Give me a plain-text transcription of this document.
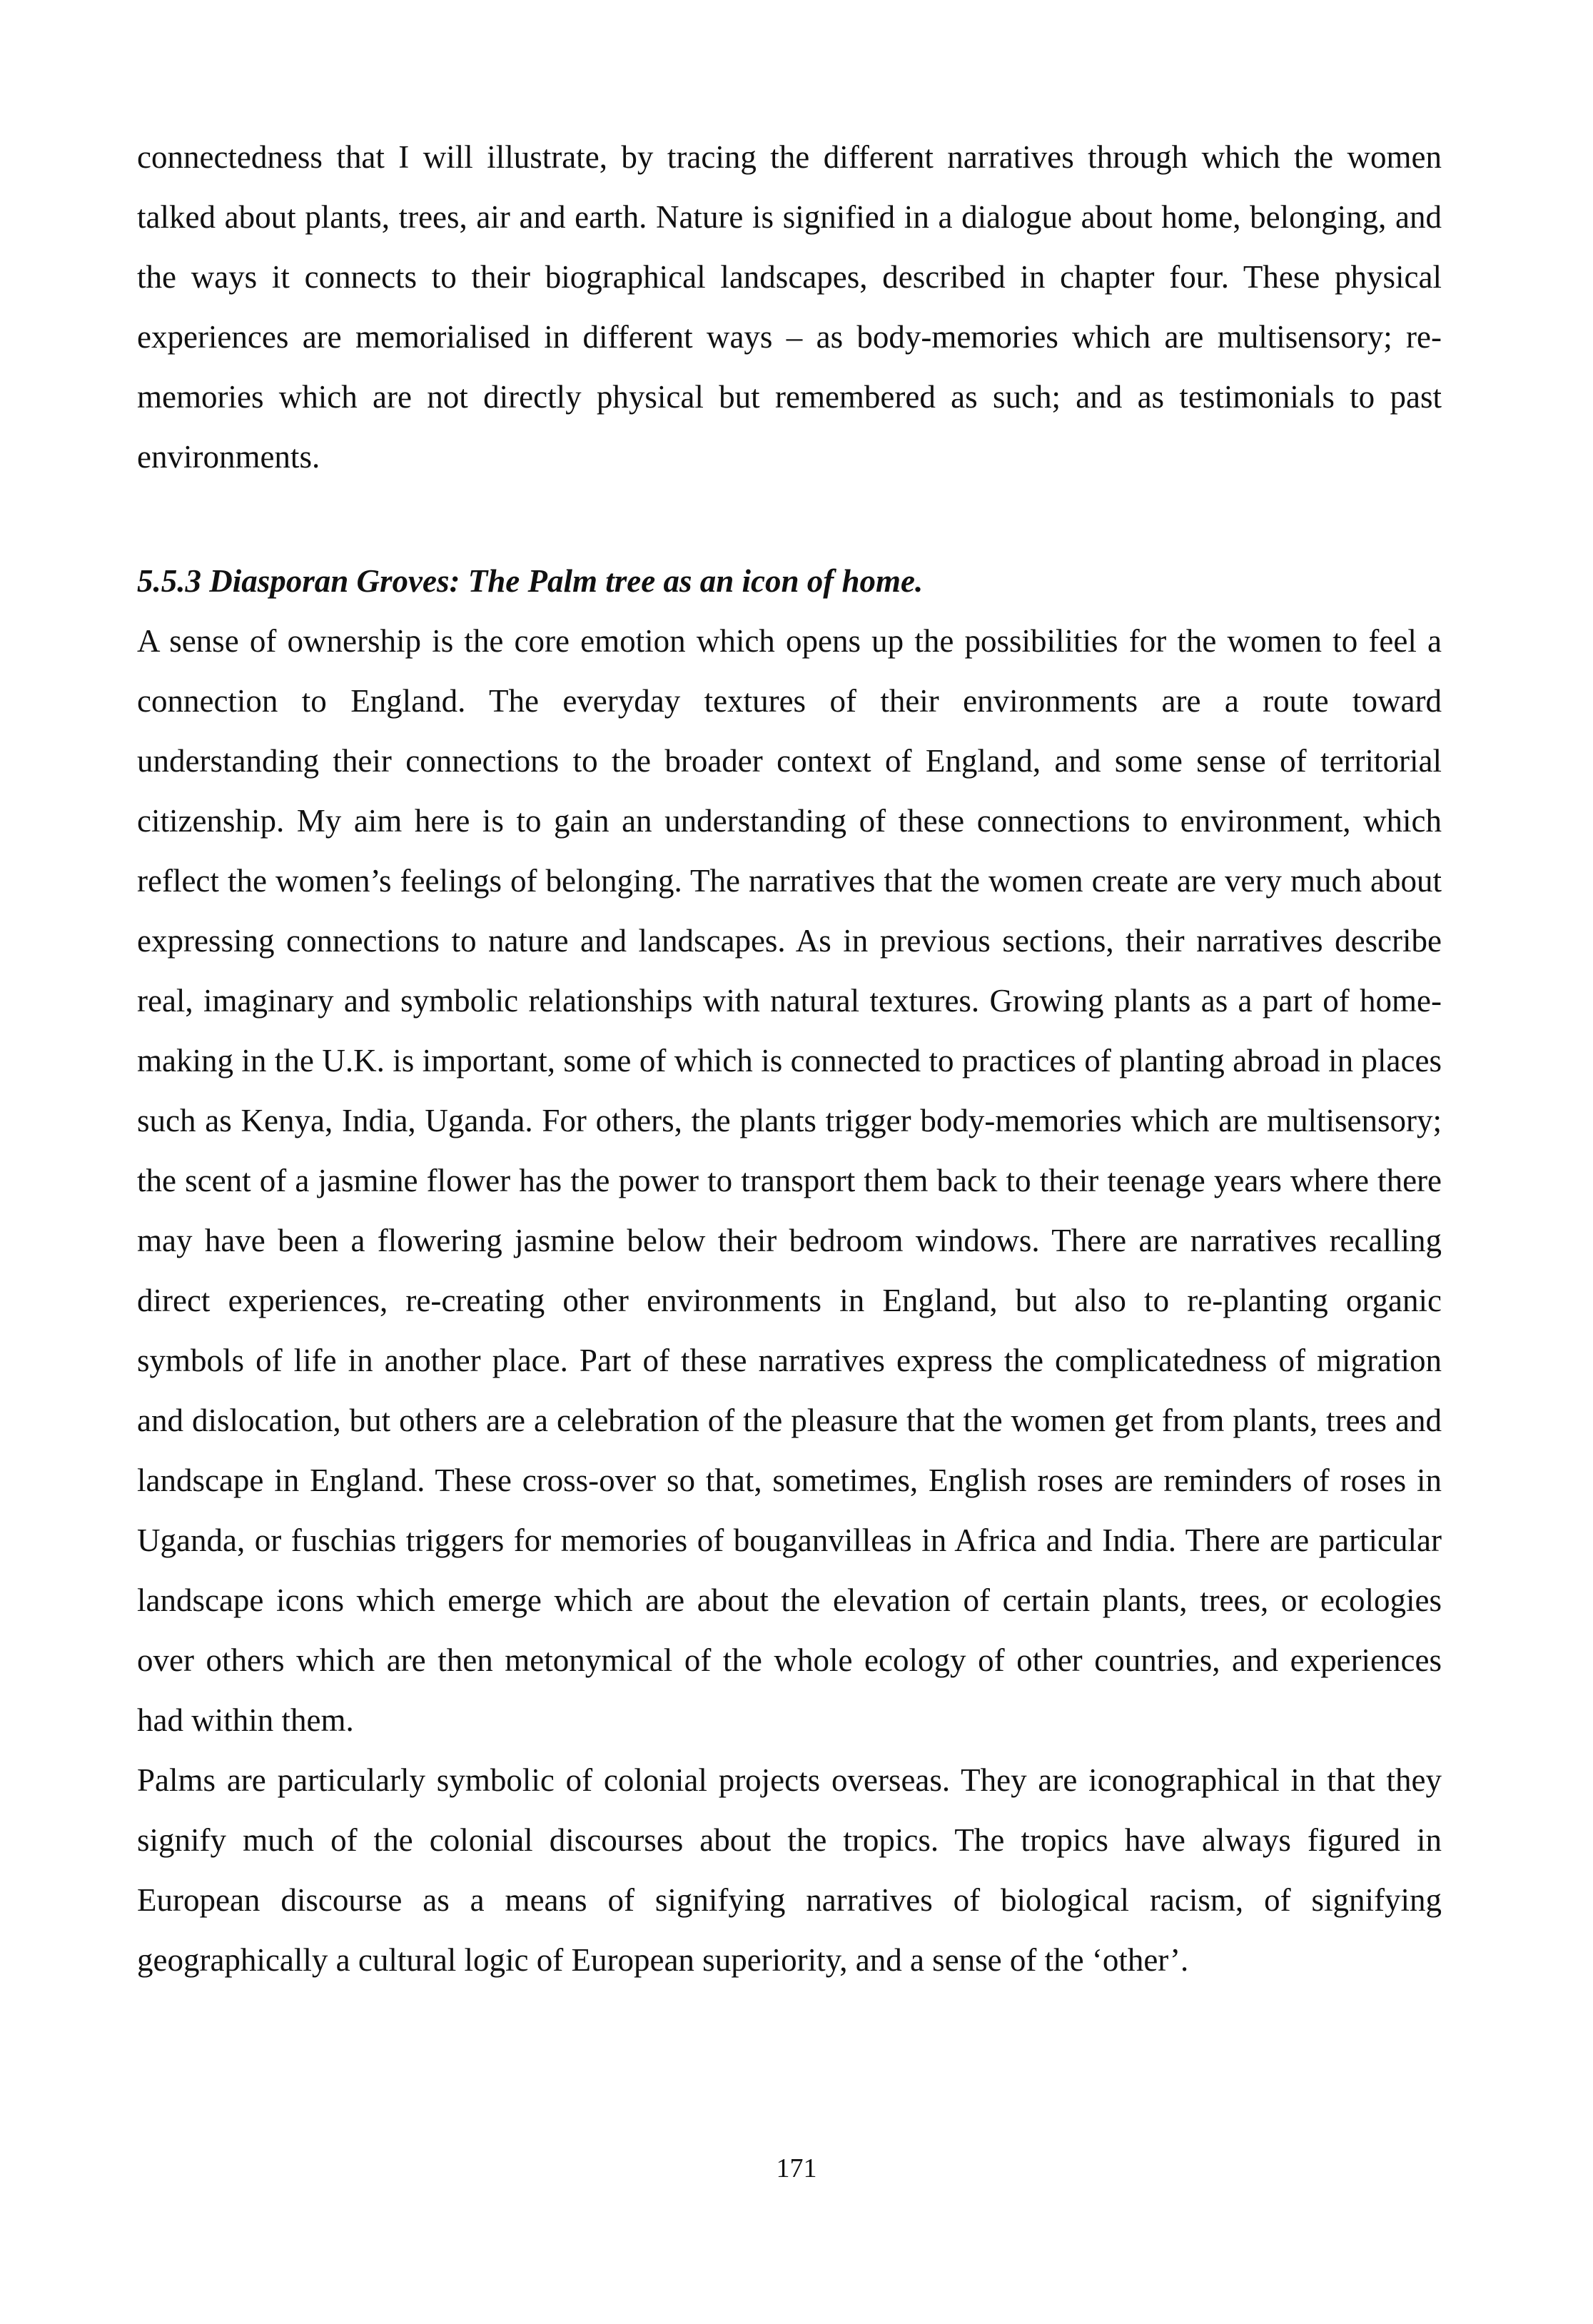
connectedness that I will illustrate, by tracing the different narratives through which the women talked about plants, trees, air and earth. Nature is signified in a dialogue about home, belonging, and the ways it connects to their biographical landscapes, described in chapter four. These physical experiences are memorialised in different ways – as body-memories which are multisensory; re-memories which are not directly physical but remembered as such; and as testimonials to past environments.

5.5.3 Diasporan Groves: The Palm tree as an icon of home.

A sense of ownership is the core emotion which opens up the possibilities for the women to feel a connection to England. The everyday textures of their environments are a route toward understanding their connections to the broader context of England, and some sense of territorial citizenship. My aim here is to gain an understanding of these connections to environment, which reflect the women’s feelings of belonging. The narratives that the women create are very much about expressing connections to nature and landscapes. As in previous sections, their narratives describe real, imaginary and symbolic relationships with natural textures. Growing plants as a part of home-making in the U.K. is important, some of which is connected to practices of planting abroad in places such as Kenya, India, Uganda. For others, the plants trigger body-memories which are multisensory; the scent of a jasmine flower has the power to transport them back to their teenage years where there may have been a flowering jasmine below their bedroom windows. There are narratives recalling direct experiences, re-creating other environments in England, but also to re-planting organic symbols of life in another place. Part of these narratives express the complicatedness of migration and dislocation, but others are a celebration of the pleasure that the women get from plants, trees and landscape in England. These cross-over so that, sometimes, English roses are reminders of roses in Uganda, or fuschias triggers for memories of bouganvilleas in Africa and India. There are particular landscape icons which emerge which are about the elevation of certain plants, trees, or ecologies over others which are then metonymical of the whole ecology of other countries, and experiences had within them.

Palms are particularly symbolic of colonial projects overseas. They are iconographical in that they signify much of the colonial discourses about the tropics. The tropics have always figured in European discourse as a means of signifying narratives of biological racism, of signifying geographically a cultural logic of European superiority, and a sense of the ‘other’.

171
